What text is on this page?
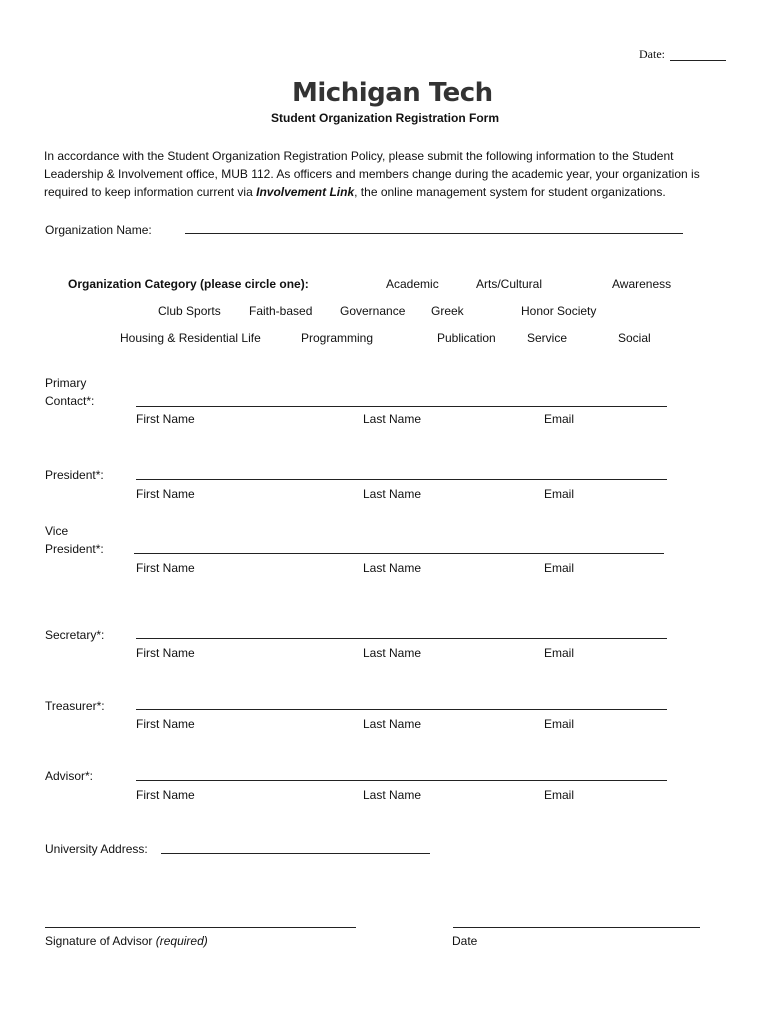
Date:
Michigan Tech
Student Organization Registration Form
In accordance with the Student Organization Registration Policy, please submit the following information to the Student Leadership & Involvement office, MUB 112. As officers and members change during the academic year, your organization is required to keep information current via Involvement Link, the online management system for student organizations.
Organization Name:
Organization Category (please circle one):	Academic	Arts/Cultural	Awareness
Club Sports Faith-based Governance Greek	Honor Society
Housing & Residential Life	Programming	Publication	Service	Social
Primary
Contact*:
First Name	Last Name	Email
President*:
First Name	Last Name	Email
Vice
President*:
First Name	Last Name	Email
Secretary*:
First Name	Last Name	Email
Treasurer*:
First Name	Last Name	Email
Advisor*:
First Name	Last Name	Email
University Address:
Signature of Advisor (required)	Date
